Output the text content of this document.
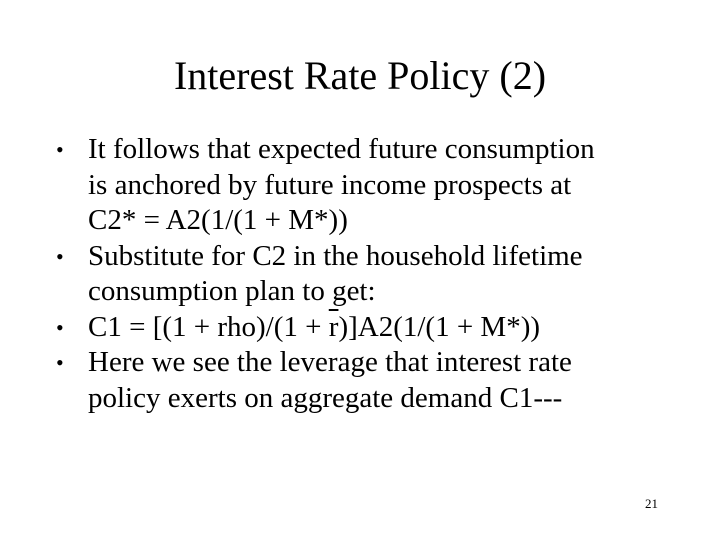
Interest Rate Policy (2)
• It follows that expected future consumption
is anchored by future income prospects at
C2* = A2(1/(1 + M*))
• Substitute for C2 in the household lifetime
consumption plan to get:
• $C1 = [(1 + rho)/(1 + \overline{r})]A2(1/(1 + M*))$
• Here we see the leverage that interest rate
policy exerts on aggregate demand C1---
21
